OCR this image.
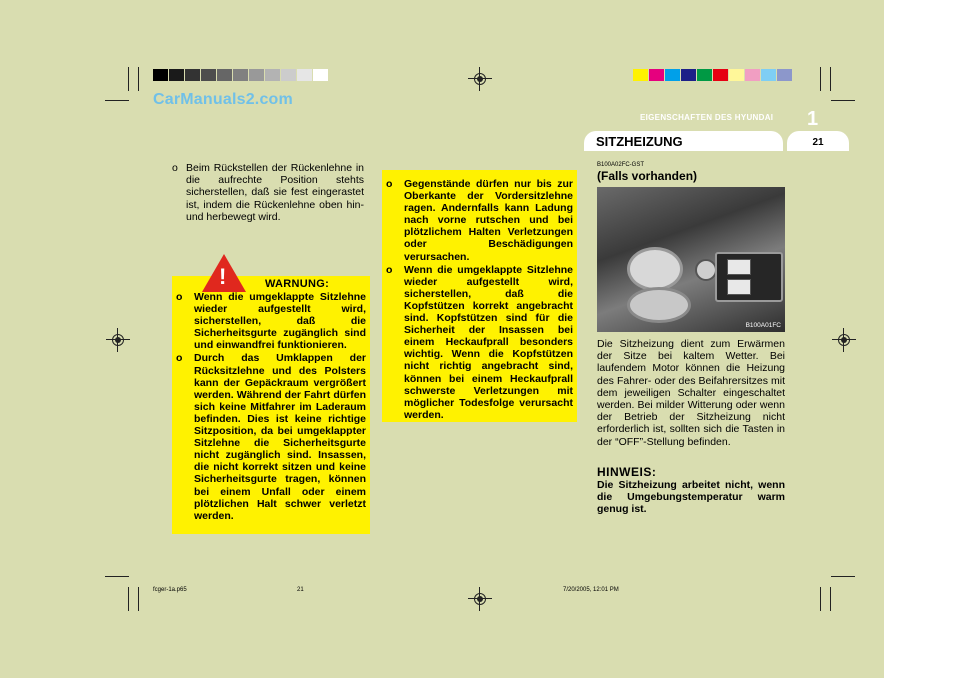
CarManuals2.com
EIGENSCHAFTEN DES HYUNDAI 1
SITZHEIZUNG	21
o Beim Rückstellen der Rückenlehne in die aufrechte Position stehts sicherstellen, daß sie fest eingerastet ist, indem die Rückenlehne oben hin- und herbewegt wird.
!	WARNUNG:
o	Wenn die umgeklappte Sitzlehne wieder aufgestellt wird, sicherstellen, daß die Sicherheitsgurte zugänglich sind und einwandfrei funktionieren.
o	Durch das Umklappen der Rücksitzlehne und des Polsters kann der Gepäckraum vergrößert werden. Während der Fahrt dürfen sich keine Mitfahrer im Laderaum befinden. Dies ist keine richtige Sitzposition, da bei umgeklappter Sitzlehne die Sicherheitsgurte nicht zugänglich sind. Insassen, die nicht korrekt sitzen und keine Sicherheitsgurte tragen, können bei einem Unfall oder einem plötzlichen Halt schwer verletzt werden.
o	Gegenstände dürfen nur bis zur Oberkante der Vordersitzlehne ragen. Andernfalls kann Ladung nach vorne rutschen und bei plötzlichem Halten Verletzungen oder Beschädigungen verursachen.
o	Wenn die umgeklappte Sitzlehne wieder aufgestellt wird, sicherstellen, daß die Kopfstützen korrekt angebracht sind. Kopfstützen sind für die Sicherheit der Insassen bei einem Heckaufprall besonders wichtig. Wenn die Kopfstützen nicht richtig angebracht sind, können bei einem Heckaufprall schwerste Verletzungen mit möglicher Todesfolge verursacht werden.
B100A02FC-GST
(Falls vorhanden)
B100A01FC
Die Sitzheizung dient zum Erwärmen der Sitze bei kaltem Wetter. Bei laufendem Motor können die Heizung des Fahrer- oder des Beifahrersitzes mit dem jeweiligen Schalter eingeschaltet werden. Bei milder Witterung oder wenn der Betrieb der Sitzheizung nicht erforderlich ist, sollten sich die Tasten in der “OFF”-Stellung befinden.
HINWEIS:
Die Sitzheizung arbeitet nicht, wenn die Umgebungstemperatur warm genug ist.
fcger-1a.p65	21	7/20/2005, 12:01 PM
